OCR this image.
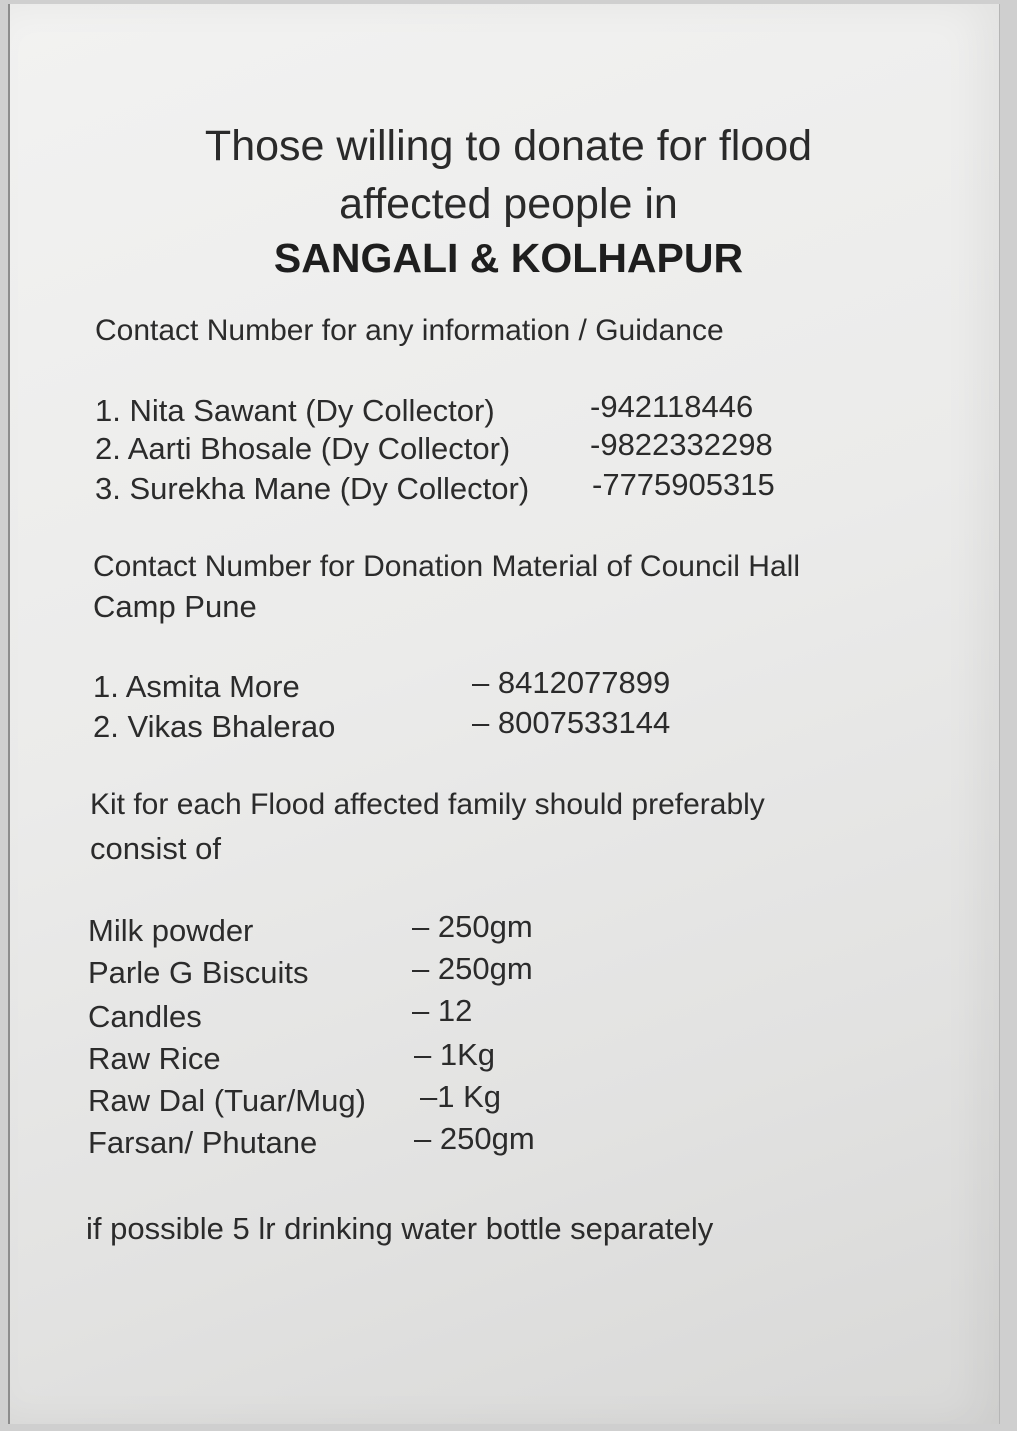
Those willing to donate for flood
affected people in
SANGALI & KOLHAPUR
Contact Number for any information / Guidance
1. Nita Sawant (Dy Collector)	-942118446
2. Aarti Bhosale (Dy Collector)	-9822332298
3. Surekha Mane (Dy Collector) -7775905315
Contact Number for Donation Material of Council Hall
Camp Pune
1. Asmita More	– 8412077899
2. Vikas Bhalerao	– 8007533144
Kit for each Flood affected family should preferably
consist of
Milk powder	– 250gm
Parle G Biscuits	– 250gm
Candles	– 12
Raw Rice	– 1Kg
Raw Dal (Tuar/Mug) –1 Kg
Farsan/ Phutane	– 250gm
if possible 5 lr drinking water bottle separately
